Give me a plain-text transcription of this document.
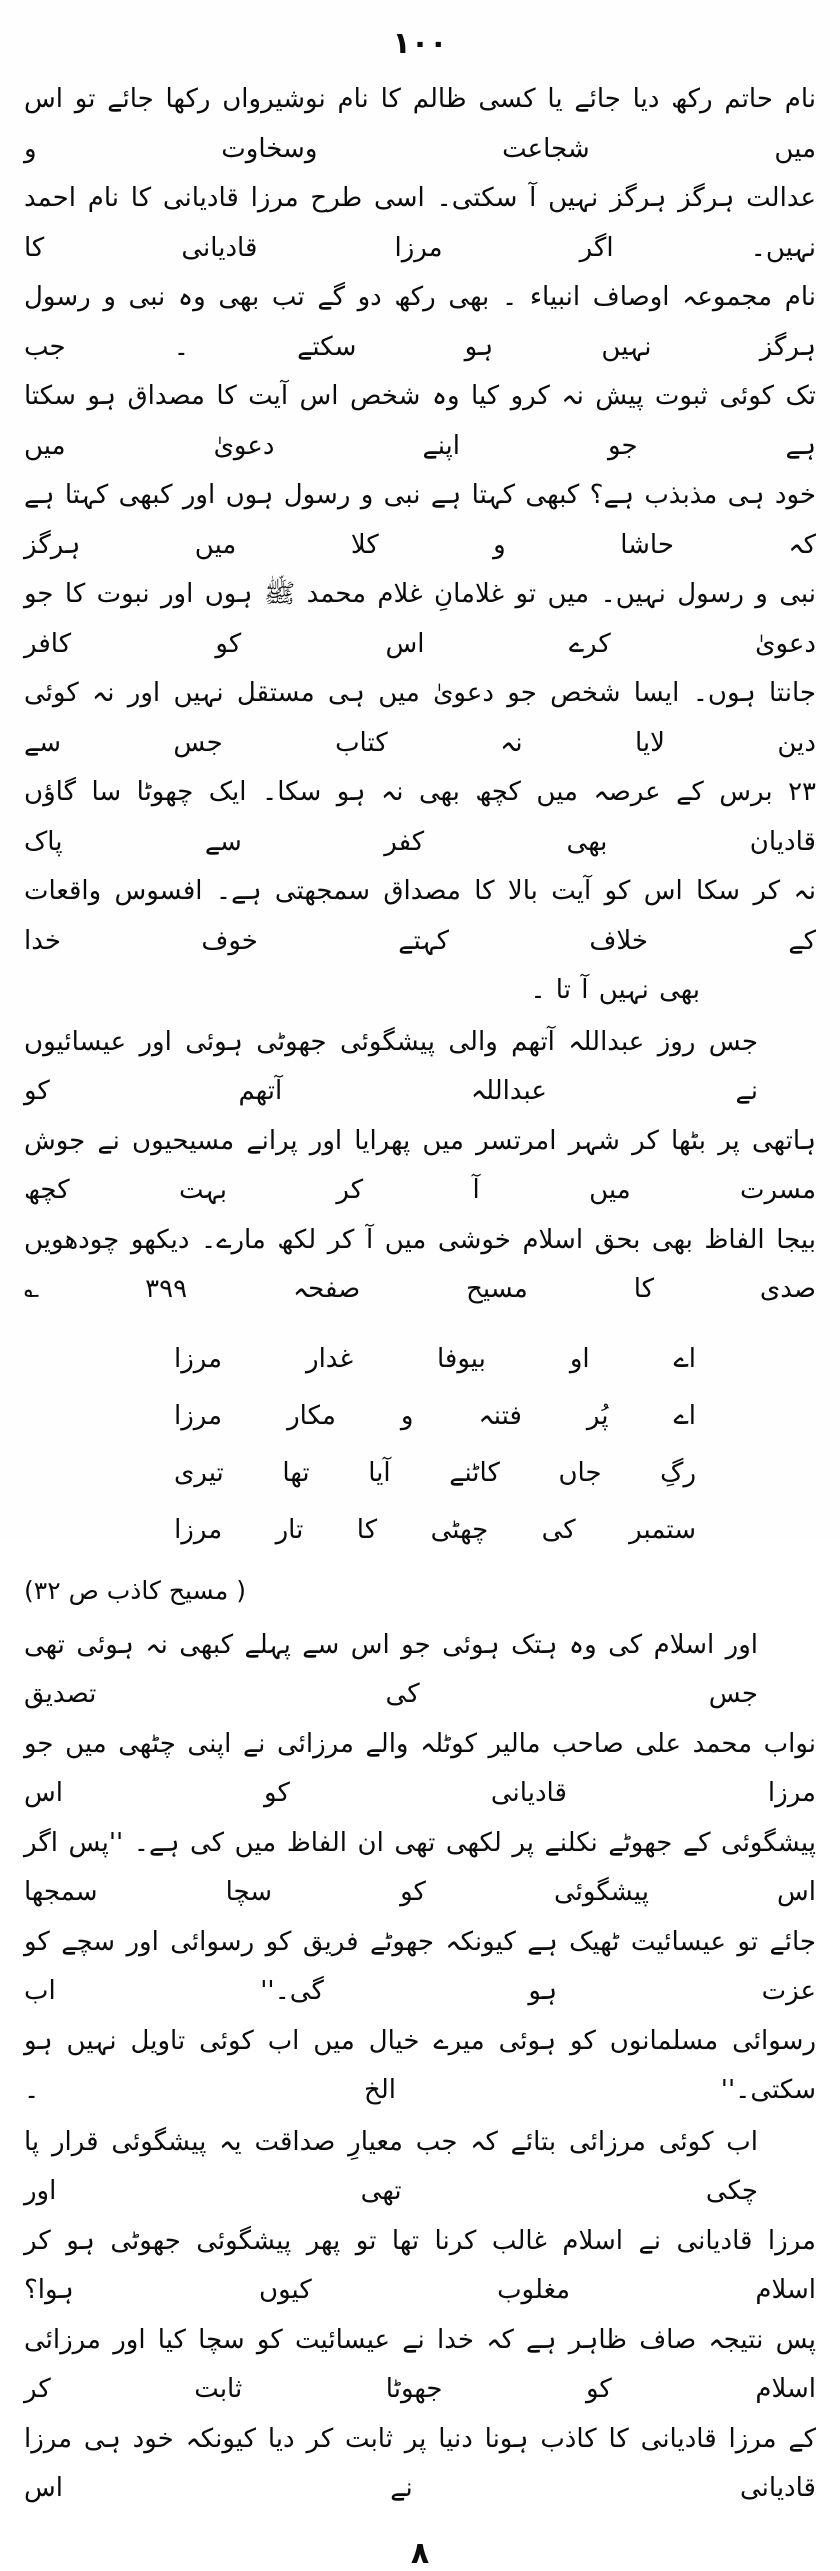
۱۰۰
نام حاتم رکھ دیا جائے یا کسی ظالم کا نام نوشیرواں رکھا جائے تو اس میں شجاعت وسخاوت و
عدالت ہرگز ہرگز نہیں آ سکتی۔ اسی طرح مرزا قادیانی کا نام احمد نہیں۔ اگر مرزا قادیانی کا
نام مجموعہ اوصاف انبیاء ۔ بھی رکھ دو گے تب بھی وہ نبی و رسول ہرگز نہیں ہو سکتے ۔ جب
تک کوئی ثبوت پیش نہ کرو کیا وہ شخص اس آیت کا مصداق ہو سکتا ہے جو اپنے دعویٰ میں
خود ہی مذبذب ہے؟ کبھی کہتا ہے نبی و رسول ہوں اور کبھی کہتا ہے کہ حاشا و کلا میں ہرگز
نبی و رسول نہیں۔ میں تو غلامانِ غلام محمد ﷺ ہوں اور نبوت کا جو دعویٰ کرے اس کو کافر
جانتا ہوں۔ ایسا شخص جو دعویٰ میں ہی مستقل نہیں اور نہ کوئی دین لایا نہ کتاب جس سے
۲۳ برس کے عرصہ میں کچھ بھی نہ ہو سکا۔ ایک چھوٹا سا گاؤں قادیان بھی کفر سے پاک
نہ کر سکا اس کو آیت بالا کا مصداق سمجھتی ہے۔ افسوس واقعات کے خلاف کہتے خوف خدا
بھی نہیں آ تا ۔
جس روز عبداللہ آتھم والی پیشگوئی جھوٹی ہوئی اور عیسائیوں نے عبداللہ آتھم کو
ہاتھی پر بٹھا کر شہر امرتسر میں پھرایا اور پرانے مسیحیوں نے جوش مسرت میں آ کر بہت کچھ
بیجا الفاظ بھی بحق اسلام خوشی میں آ کر لکھ مارے۔ دیکھو چودھویں صدی کا مسیح صفحہ ۳۹۹ ؎
اے
او
بیوفا
غدار
مرزا
اے
پُر
فتنہ
و
مکار
مرزا
رگِ
جاں
کاٹنے
آیا
تھا
تیری
ستمبر
کی
چھٹی
کا
تار
مرزا
( مسیح کاذب ص ۳۲)
اور اسلام کی وہ ہتک ہوئی جو اس سے پہلے کبھی نہ ہوئی تھی جس کی تصدیق
نواب محمد علی صاحب مالیر کوٹلہ والے مرزائی نے اپنی چٹھی میں جو مرزا قادیانی کو اس
پیشگوئی کے جھوٹے نکلنے پر لکھی تھی ان الفاظ میں کی ہے۔ ''پس اگر اس پیشگوئی کو سچا سمجھا
جائے تو عیسائیت ٹھیک ہے کیونکہ جھوٹے فریق کو رسوائی اور سچے کو عزت ہو گی۔'' اب
رسوائی مسلمانوں کو ہوئی میرے خیال میں اب کوئی تاویل نہیں ہو سکتی۔'' الخ ۔
اب کوئی مرزائی بتائے کہ جب معیارِ صداقت یہ پیشگوئی قرار پا چکی تھی اور
مرزا قادیانی نے اسلام غالب کرنا تھا تو پھر پیشگوئی جھوٹی ہو کر اسلام مغلوب کیوں ہوا؟
پس نتیجہ صاف ظاہر ہے کہ خدا نے عیسائیت کو سچا کیا اور مرزائی اسلام کو جھوٹا ثابت کر
کے مرزا قادیانی کا کاذب ہونا دنیا پر ثابت کر دیا کیونکہ خود ہی مرزا قادیانی نے اس
۸
